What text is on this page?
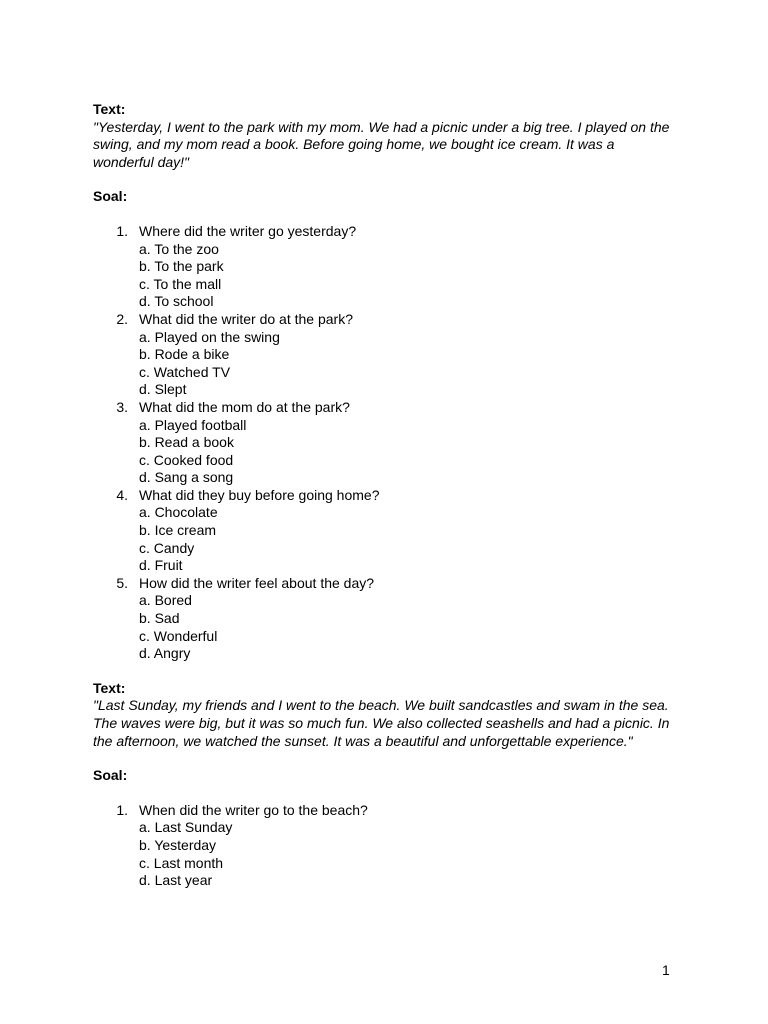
Text:

"Yesterday, I went to the park with my mom. We had a picnic under a big tree. I played on the swing, and my mom read a book. Before going home, we bought ice cream. It was a wonderful day!"

Soal:

1. Where did the writer go yesterday?
a. To the zoo
b. To the park
c. To the mall
d. To school
2. What did the writer do at the park?
a. Played on the swing
b. Rode a bike
c. Watched TV
d. Slept
3. What did the mom do at the park?
a. Played football
b. Read a book
c. Cooked food
d. Sang a song
4. What did they buy before going home?
a. Chocolate
b. Ice cream
c. Candy
d. Fruit
5. How did the writer feel about the day?
a. Bored
b. Sad
c. Wonderful
d. Angry

Text:

"Last Sunday, my friends and I went to the beach. We built sandcastles and swam in the sea. The waves were big, but it was so much fun. We also collected seashells and had a picnic. In the afternoon, we watched the sunset. It was a beautiful and unforgettable experience."

Soal:

1. When did the writer go to the beach?
a. Last Sunday
b. Yesterday
c. Last month
d. Last year
1
